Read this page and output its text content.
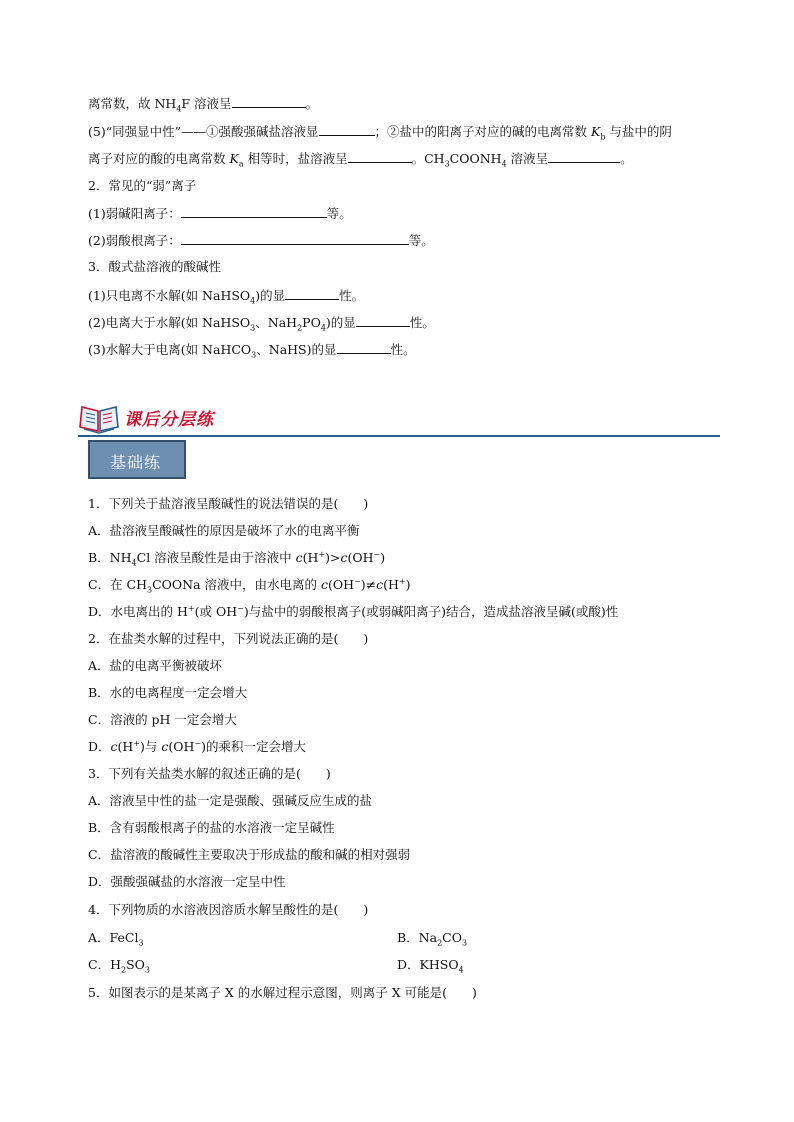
离常数，故 $NH_4F$ 溶液呈	。
(5)“同强显中性”——①强酸强碱盐溶液显	；②盐中的阳离子对应的碱的电离常数 $K_b$ 与盐中的阴
离子对应的酸的电离常数 $K_a$ 相等时，盐溶液呈	。$CH_3COONH_4$ 溶液呈	。
2．常见的“弱”离子
(1)弱碱阳离子：	等。
(2)弱酸根离子：	等。
3．酸式盐溶液的酸碱性
(1)只电离不水解(如 NaHSO$_4$)的显	性。
(2)电离大于水解(如 NaHSO$_3$、$NaH_2PO_4$)的显	性。
(3)水解大于电离(如 NaHCO$_3$、NaHS)的显	性。
课后分层练
基础练
1．下列关于盐溶液呈酸碱性的说法错误的是(　　)
A．盐溶液呈酸碱性的原因是破坏了水的电离平衡
B．$NH_4Cl$ 溶液呈酸性是由于溶液中 c(H+)>c(OH−)
C．在 $CH_3COONa$ 溶液中，由水电离的 c(OH−)≠c(H+)
D．水电离出的 H+(或 OH−)与盐中的弱酸根离子(或弱碱阳离子)结合，造成盐溶液呈碱(或酸)性
2．在盐类水解的过程中，下列说法正确的是(　　)
A．盐的电离平衡被破坏
B．水的电离程度一定会增大
C．溶液的 pH 一定会增大
D．c(H+)与 c(OH−)的乘积一定会增大
3．下列有关盐类水解的叙述正确的是(　　)
A．溶液呈中性的盐一定是强酸、强碱反应生成的盐
B．含有弱酸根离子的盐的水溶液一定呈碱性
C．盐溶液的酸碱性主要取决于形成盐的酸和碱的相对强弱
D．强酸强碱盐的水溶液一定呈中性
4．下列物质的水溶液因溶质水解呈酸性的是(　　)
A．FeCl$_3$	B．$Na_2CO_3$
C．$H_2SO_3$	D．$KHSO_4$
5．如图表示的是某离子 X 的水解过程示意图，则离子 X 可能是(　　)
